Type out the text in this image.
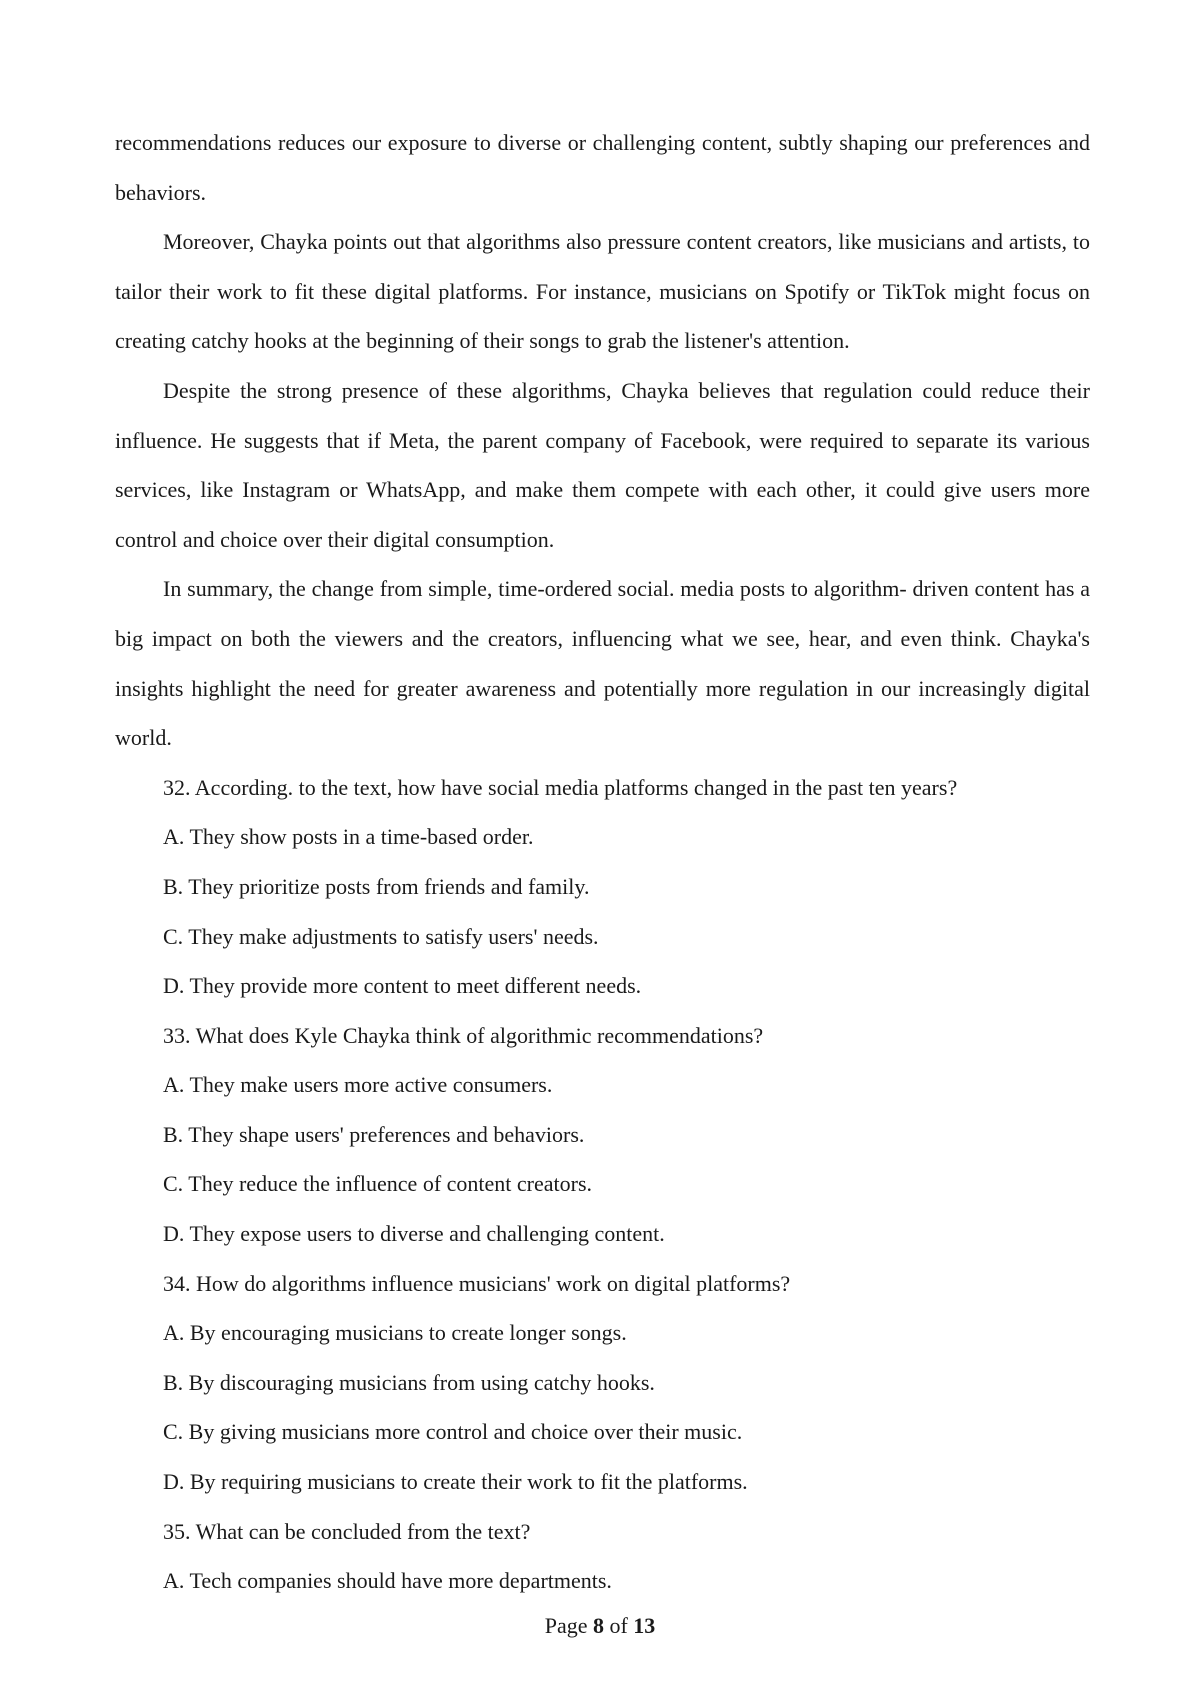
recommendations reduces our exposure to diverse or challenging content, subtly shaping our preferences and behaviors.

Moreover, Chayka points out that algorithms also pressure content creators, like musicians and artists, to tailor their work to fit these digital platforms. For instance, musicians on Spotify or TikTok might focus on creating catchy hooks at the beginning of their songs to grab the listener's attention.

Despite the strong presence of these algorithms, Chayka believes that regulation could reduce their influence. He suggests that if Meta, the parent company of Facebook, were required to separate its various services, like Instagram or WhatsApp, and make them compete with each other, it could give users more control and choice over their digital consumption.

In summary, the change from simple, time-ordered social. media posts to algorithm- driven content has a big impact on both the viewers and the creators, influencing what we see, hear, and even think. Chayka's insights highlight the need for greater awareness and potentially more regulation in our increasingly digital world.

32. According. to the text, how have social media platforms changed in the past ten years?

A. They show posts in a time-based order.

B. They prioritize posts from friends and family.

C. They make adjustments to satisfy users' needs.

D. They provide more content to meet different needs.

33. What does Kyle Chayka think of algorithmic recommendations?

A. They make users more active consumers.

B. They shape users' preferences and behaviors.

C. They reduce the influence of content creators.

D. They expose users to diverse and challenging content.

34. How do algorithms influence musicians' work on digital platforms?

A. By encouraging musicians to create longer songs.

B. By discouraging musicians from using catchy hooks.

C. By giving musicians more control and choice over their music.

D. By requiring musicians to create their work to fit the platforms.

35. What can be concluded from the text?

A. Tech companies should have more departments.

Page 8 of 13
